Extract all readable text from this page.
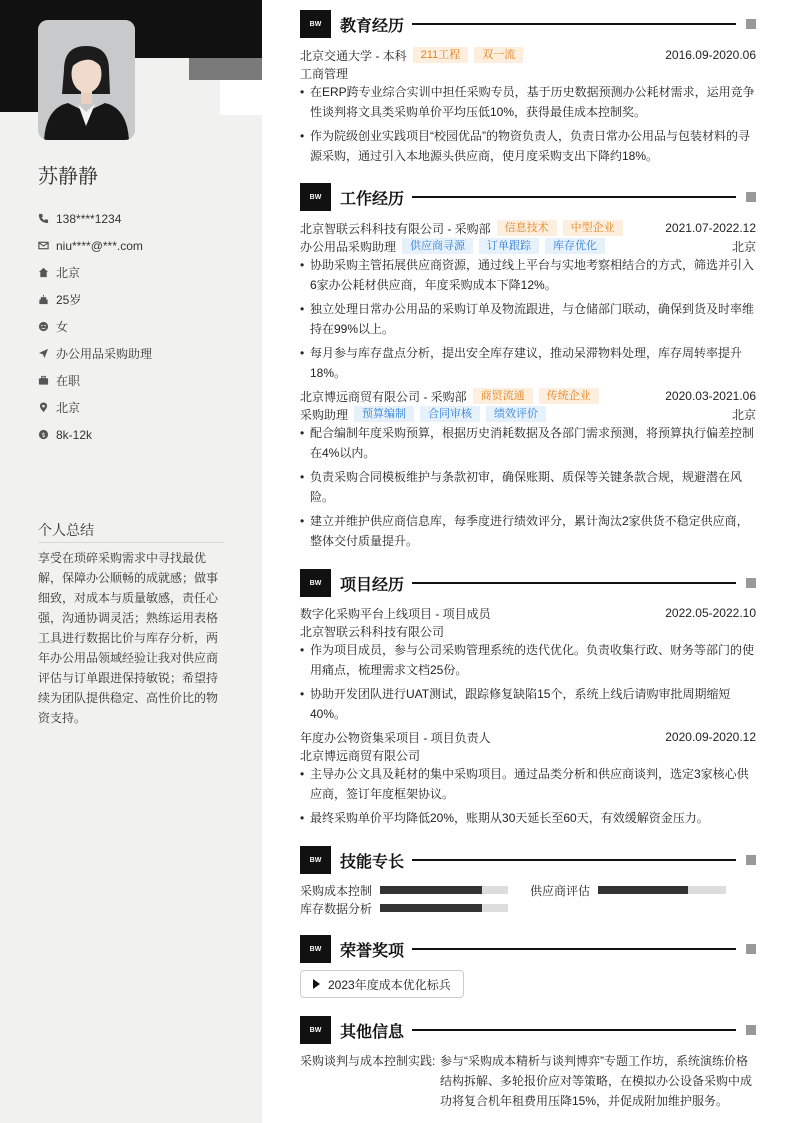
苏静静
138****1234
niu****@***.com
北京
25岁
女
办公用品采购助理
在职
北京
$ 8k-12k
个人总结
享受在琐碎采购需求中寻找最优解，保障办公顺畅的成就感；做事细致，对成本与质量敏感，责任心强，沟通协调灵活；熟练运用表格工具进行数据比价与库存分析，两年办公用品领域经验让我对供应商评估与订单跟进保持敏锐；希望持续为团队提供稳定、高性价比的物资支持。
BW	教育经历
北京交通大学 - 本科	211工程	双一流	2016.09-2020.06
工商管理
• 在ERP跨专业综合实训中担任采购专员，基于历史数据预测办公耗材需求，运用竞争性谈判将文具类采购单价平均压低10%，获得最佳成本控制奖。
• 作为院级创业实践项目“校园优品”的物资负责人，负责日常办公用品与包装材料的寻源采购，通过引入本地源头供应商，使月度采购支出下降约18%。
BW	工作经历
北京智联云科科技有限公司 - 采购部	信息技术	中型企业	2021.07-2022.12
办公用品采购助理	供应商寻源	订单跟踪	库存优化	北京
• 协助采购主管拓展供应商资源，通过线上平台与实地考察相结合的方式，筛选并引入6家办公耗材供应商，年度采购成本下降12%。
• 独立处理日常办公用品的采购订单及物流跟进，与仓储部门联动，确保到货及时率维持在99%以上。
• 每月参与库存盘点分析，提出安全库存建议，推动呆滞物料处理，库存周转率提升18%。
北京博远商贸有限公司 - 采购部	商贸流通	传统企业	2020.03-2021.06
采购助理	预算编制	合同审核	绩效评价	北京
• 配合编制年度采购预算，根据历史消耗数据及各部门需求预测，将预算执行偏差控制在4%以内。
• 负责采购合同模板维护与条款初审，确保账期、质保等关键条款合规，规避潜在风险。
• 建立并维护供应商信息库，每季度进行绩效评分，累计淘汰2家供货不稳定供应商，整体交付质量提升。
BW	项目经历
数字化采购平台上线项目 - 项目成员	2022.05-2022.10
北京智联云科科技有限公司
• 作为项目成员，参与公司采购管理系统的迭代优化。负责收集行政、财务等部门的使用痛点，梳理需求文档25份。
• 协助开发团队进行UAT测试，跟踪修复缺陷15个，系统上线后请购审批周期缩短40%。
年度办公物资集采项目 - 项目负责人	2020.09-2020.12
北京博远商贸有限公司
• 主导办公文具及耗材的集中采购项目。通过品类分析和供应商谈判，选定3家核心供应商，签订年度框架协议。
• 最终采购单价平均降低20%，账期从30天延长至60天，有效缓解资金压力。
BW	技能专长
采购成本控制	供应商评估
库存数据分析
BW	荣誉奖项
2023年度成本优化标兵
BW	其他信息
采购谈判与成本控制实践: 参与“采购成本精析与谈判博弈”专题工作坊，系统演练价格结构拆解、多轮报价应对等策略，在模拟办公设备采购中成功将复合机年租费用压降15%，并促成附加维护服务。
